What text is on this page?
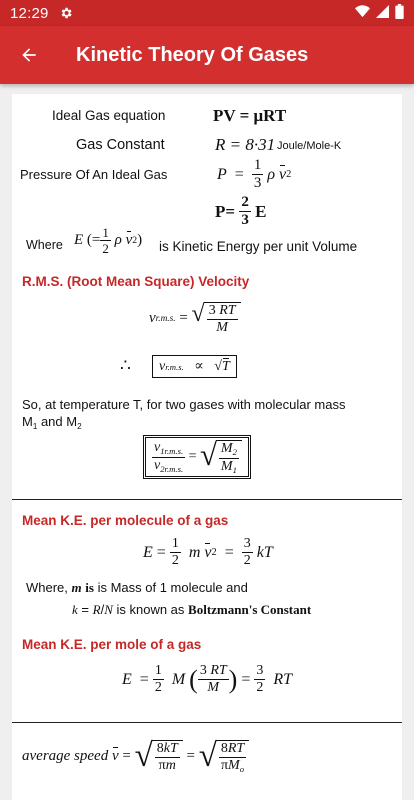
12:29
Kinetic Theory Of Gases
Ideal Gas equation	PV = μRT
Gas Constant	R = 8·31 Joule/Mole-K
Pressure Of An Ideal Gas	$P = \frac{1}{3}$
ρ
v 2
$P= \frac{2}{3}$ E
Where E (= $\frac{1}{2}$
ρ
v 2 ) is Kinetic Energy per unit Volume
R.M.S. (Root Mean Square) Velocity
v r.m.s. = √ $\frac{3 RT}{M}$
∴ v r.m.s. ∝   √ T
So, at temperature T, for two gases with molecular mass
$M_1$ and $M_2$
$\frac{v_{1r.m.s.}}{v_{2r.m.s.}}$ = √ $\frac{M_2}{M_1}$
Mean K.E. per molecule of a gas
$E = \frac{1}{2}$
m
v $2 = \frac{3}{2}$
kT
Where, m is is Mass of 1 molecule and
k = R/N is known as Boltzmann's Constant
Mean K.E. per mole of a gas
$E = \frac{1}{2}$
M
( $\frac{3 RT}{M}$ ) = $\frac{3}{2}$
RT
average speed
v = √ $\frac{8kT}{\pi m}$ = √ $\frac{8RT}{\pi M_o}$
